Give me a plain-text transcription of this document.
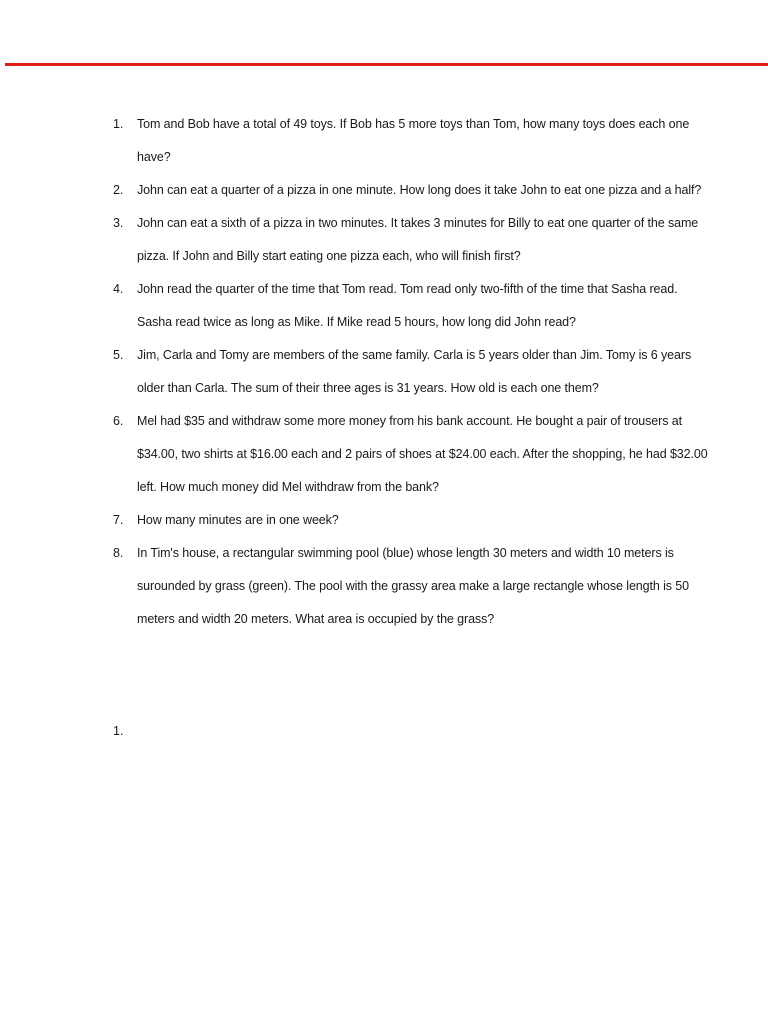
1. Tom and Bob have a total of 49 toys. If Bob has 5 more toys than Tom, how many toys does each one have?
2. John can eat a quarter of a pizza in one minute. How long does it take John to eat one pizza and a half?
3. John can eat a sixth of a pizza in two minutes. It takes 3 minutes for Billy to eat one quarter of the same pizza. If John and Billy start eating one pizza each, who will finish first?
4. John read the quarter of the time that Tom read. Tom read only two-fifth of the time that Sasha read. Sasha read twice as long as Mike. If Mike read 5 hours, how long did John read?
5. Jim, Carla and Tomy are members of the same family. Carla is 5 years older than Jim. Tomy is 6 years older than Carla. The sum of their three ages is 31 years. How old is each one them?
6. Mel had $35 and withdraw some more money from his bank account. He bought a pair of trousers at $34.00, two shirts at $16.00 each and 2 pairs of shoes at $24.00 each. After the shopping, he had $32.00 left. How much money did Mel withdraw from the bank?
7. How many minutes are in one week?
8. In Tim's house, a rectangular swimming pool (blue) whose length 30 meters and width 10 meters is surounded by grass (green). The pool with the grassy area make a large rectangle whose length is 50 meters and width 20 meters. What area is occupied by the grass?
1.
